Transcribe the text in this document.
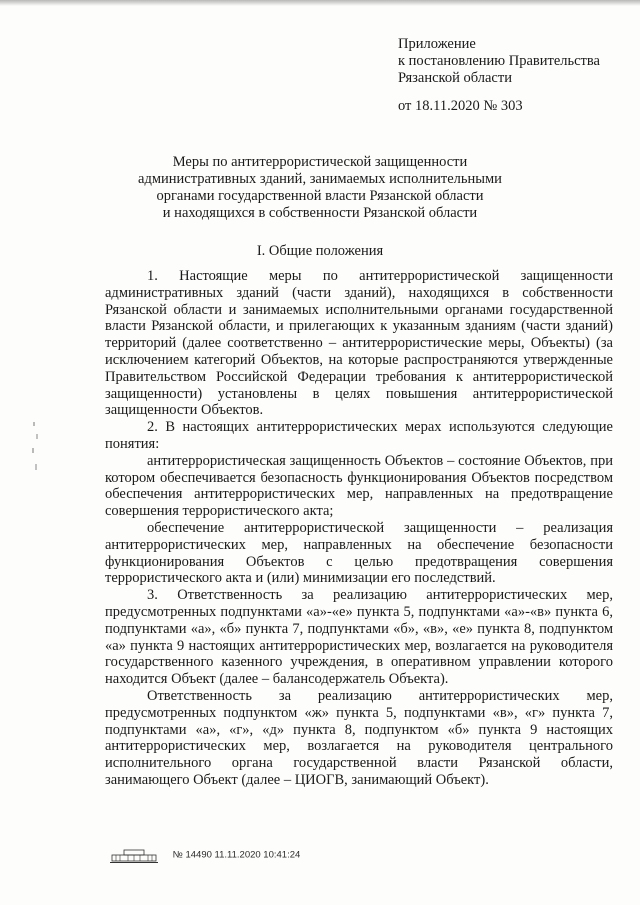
Приложение
к постановлению Правительства
Рязанской области
от 18.11.2020 № 303
Меры по антитеррористической защищенности
административных зданий, занимаемых исполнительными
органами государственной власти Рязанской области
и находящихся в собственности Рязанской области
I. Общие положения

1. Настоящие меры по антитеррористической защищенности административных зданий (части зданий), находящихся в собственности Рязанской области и занимаемых исполнительными органами государственной власти Рязанской области, и прилегающих к указанным зданиям (части зданий) территорий (далее соответственно – антитеррористические меры, Объекты) (за исключением категорий Объектов, на которые распространяются утвержденные Правительством Российской Федерации требования к антитеррористической защищенности) установлены в целях повышения антитеррористической защищенности Объектов.

2. В настоящих антитеррористических мерах используются следующие понятия:

антитеррористическая защищенность Объектов – состояние Объектов, при котором обеспечивается безопасность функционирования Объектов посредством обеспечения антитеррористических мер, направленных на предотвращение совершения террористического акта;

обеспечение антитеррористической защищенности – реализация антитеррористических мер, направленных на обеспечение безопасности функционирования Объектов с целью предотвращения совершения террористического акта и (или) минимизации его последствий.

3. Ответственность за реализацию антитеррористических мер, предусмотренных подпунктами «а»-«е» пункта 5, подпунктами «а»-«в» пункта 6, подпунктами «а», «б» пункта 7, подпунктами «б», «в», «е» пункта 8, подпунктом «а» пункта 9 настоящих антитеррористических мер, возлагается на руководителя государственного казенного учреждения, в оперативном управлении которого находится Объект (далее – балансодержатель Объекта).

Ответственность за реализацию антитеррористических мер, предусмотренных подпунктом «ж» пункта 5, подпунктами «в», «г» пункта 7, подпунктами «а», «г», «д» пункта 8, подпунктом «б» пункта 9 настоящих антитеррористических мер, возлагается на руководителя центрального исполнительного органа государственной власти Рязанской области, занимающего Объект (далее – ЦИОГВ, занимающий Объект).

№ 14490 11.11.2020 10:41:24
